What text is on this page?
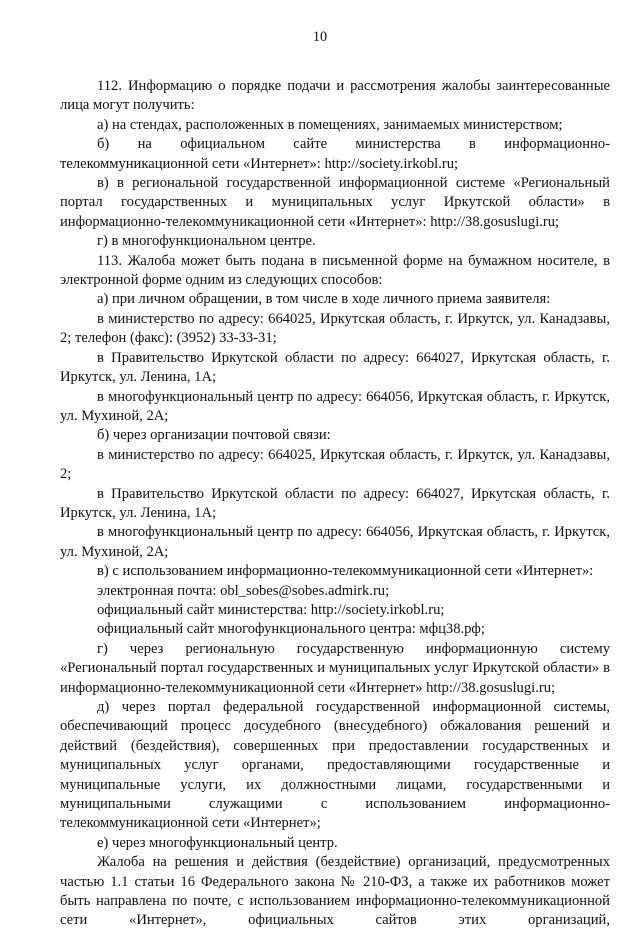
10

112. Информацию о порядке подачи и рассмотрения жалобы заинтересованные лица могут получить:

а) на стендах, расположенных в помещениях, занимаемых министерством;

б) на официальном сайте министерства в информационно-телекоммуникационной сети «Интернет»: http://society.irkobl.ru;

в) в региональной государственной информационной системе «Региональный портал государственных и муниципальных услуг Иркутской области» в информационно-телекоммуникационной сети «Интернет»: http://38.gosuslugi.ru;

г) в многофункциональном центре.

113. Жалоба может быть подана в письменной форме на бумажном носителе, в электронной форме одним из следующих способов:

а) при личном обращении, в том числе в ходе личного приема заявителя:

в министерство по адресу: 664025, Иркутская область, г. Иркутск, ул. Канадзавы, 2; телефон (факс): (3952) 33-33-31;

в Правительство Иркутской области по адресу: 664027, Иркутская область, г. Иркутск, ул. Ленина, 1А;

в многофункциональный центр по адресу: 664056, Иркутская область, г. Иркутск, ул. Мухиной, 2А;

б) через организации почтовой связи:

в министерство по адресу: 664025, Иркутская область, г. Иркутск, ул. Канадзавы, 2;

в Правительство Иркутской области по адресу: 664027, Иркутская область, г. Иркутск, ул. Ленина, 1А;

в многофункциональный центр по адресу: 664056, Иркутская область, г. Иркутск, ул. Мухиной, 2А;

в) с использованием информационно-телекоммуникационной сети «Интернет»:

электронная почта: obl_sobes@sobes.admirk.ru;

официальный сайт министерства: http://society.irkobl.ru;

официальный сайт многофункционального центра: мфц38.рф;

г) через региональную государственную информационную систему «Региональный портал государственных и муниципальных услуг Иркутской области» в информационно-телекоммуникационной сети «Интернет» http://38.gosuslugi.ru;

д) через портал федеральной государственной информационной системы, обеспечивающий процесс досудебного (внесудебного) обжалования решений и действий (бездействия), совершенных при предоставлении государственных и муниципальных услуг органами, предоставляющими государственные и муниципальные услуги, их должностными лицами, государственными и муниципальными служащими с использованием информационно-телекоммуникационной сети «Интернет»;

е) через многофункциональный центр.

Жалоба на решения и действия (бездействие) организаций, предусмотренных частью 1.1 статьи 16 Федерального закона № 210-ФЗ, а также их работников может быть направлена по почте, с использованием информационно-телекоммуникационной сети «Интернет», официальных сайтов этих организаций,
